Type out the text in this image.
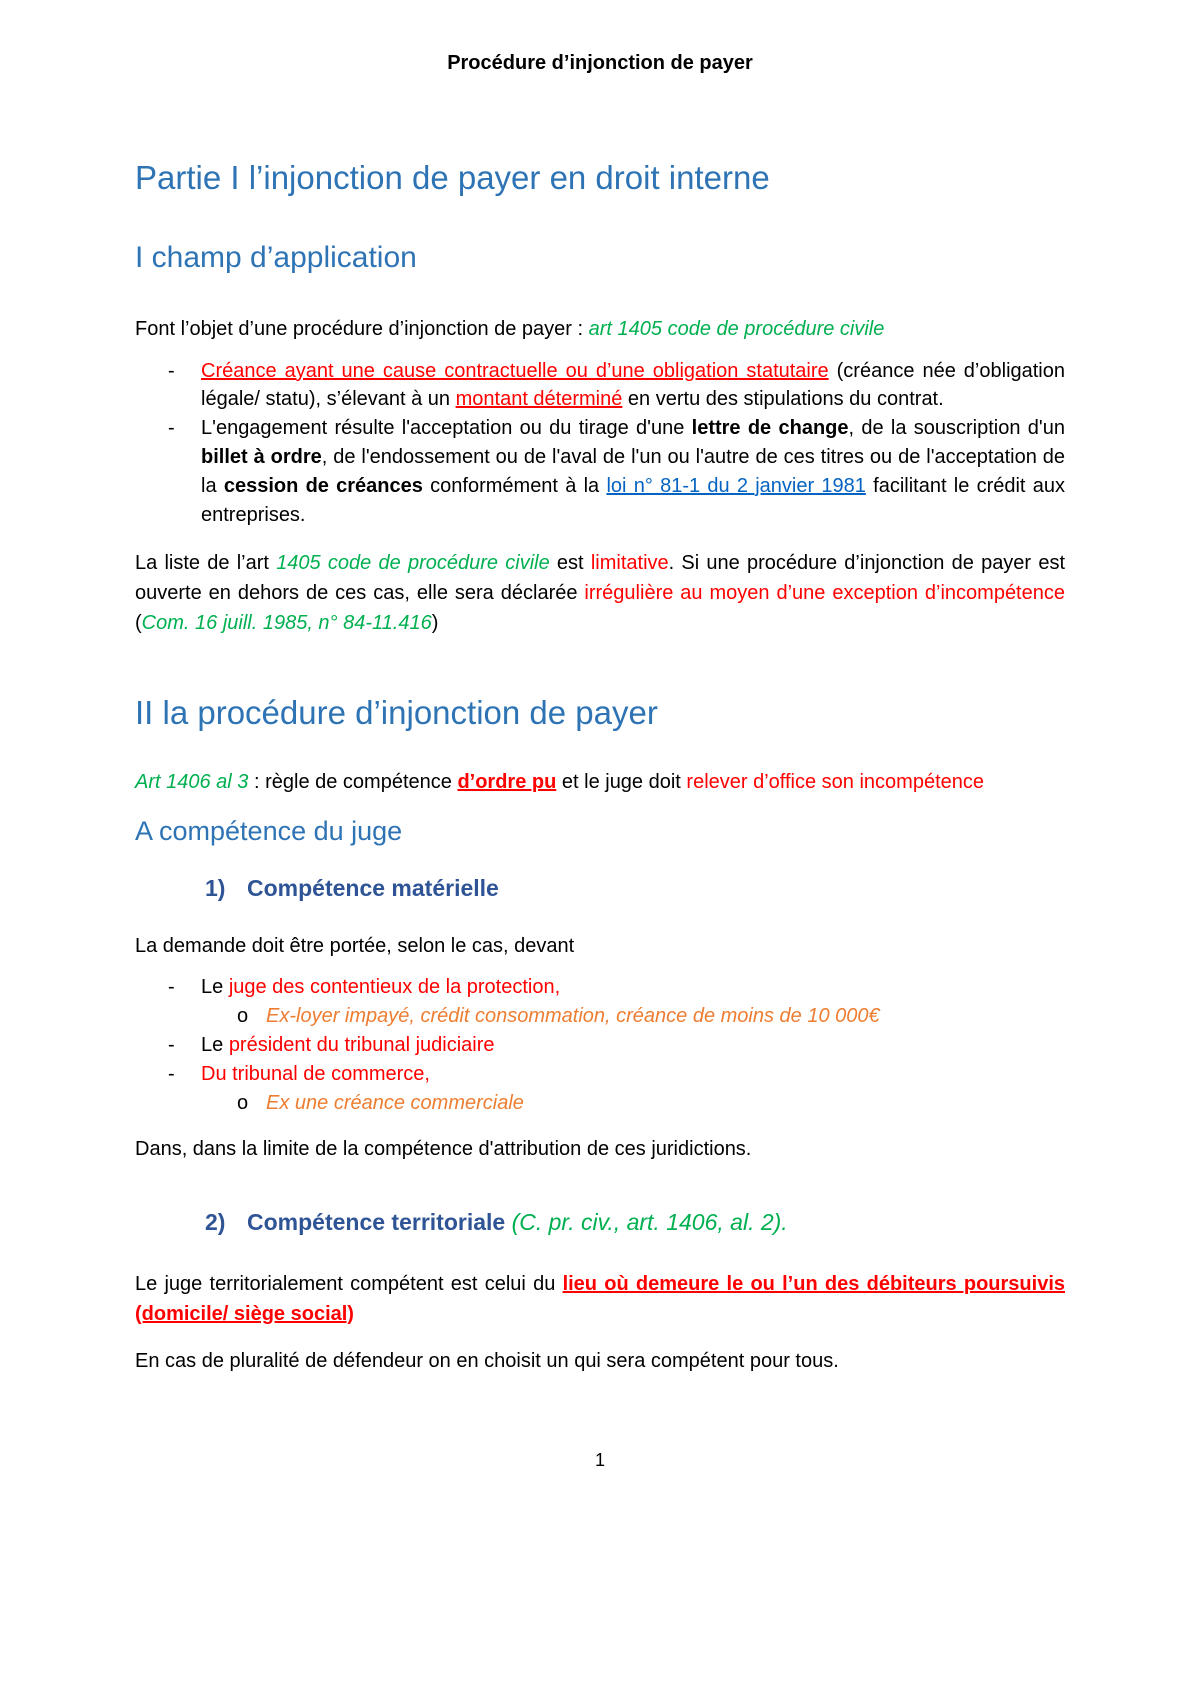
Procédure d’injonction de payer
Partie I l’injonction de payer en droit interne
I champ d’application

Font l’objet d’une procédure d’injonction de payer : art 1405 code de procédure civile

-	Créance ayant une cause contractuelle ou d’une obligation statutaire (créance née d’obligation légale/ statu), s’élevant à un montant déterminé en vertu des stipulations du contrat.
-	L'engagement résulte l'acceptation ou du tirage d'une lettre de change, de la souscription d'un billet à ordre, de l'endossement ou de l'aval de l'un ou l'autre de ces titres ou de l'acceptation de la cession de créances conformément à la loi n° 81-1 du 2 janvier 1981 facilitant le crédit aux entreprises.

La liste de l’art 1405 code de procédure civile est limitative. Si une procédure d’injonction de payer est ouverte en dehors de ces cas, elle sera déclarée irrégulière au moyen d’une exception d’incompétence (Com. 16 juill. 1985, n° 84-11.416)

II la procédure d’injonction de payer

Art 1406 al 3 : règle de compétence d’ordre pu et le juge doit relever d’office son incompétence

A compétence du juge
1) Compétence matérielle

La demande doit être portée, selon le cas, devant

-	Le juge des contentieux de la protection,
o Ex-loyer impayé, crédit consommation, créance de moins de 10 000€
-	Le président du tribunal judiciaire
-	Du tribunal de commerce,
o Ex une créance commerciale

Dans, dans la limite de la compétence d'attribution de ces juridictions.

2) Compétence territoriale (C. pr. civ., art. 1406, al. 2).

Le juge territorialement compétent est celui du lieu où demeure le ou l’un des débiteurs poursuivis (domicile/ siège social)

En cas de pluralité de défendeur on en choisit un qui sera compétent pour tous.

1
